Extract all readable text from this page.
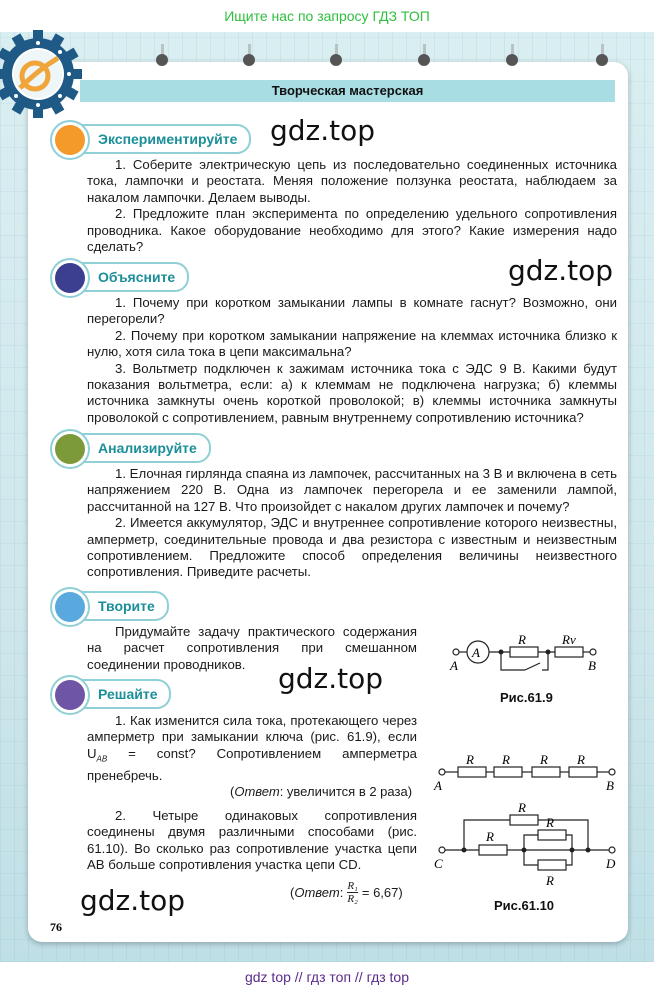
Ищите нас по запросу ГДЗ ТОП
Творческая мастерская
Экспериментируйте	gdz.top

1. Соберите электрическую цепь из последовательно соединенных источника тока, лампочки и реостата. Меняя положение ползунка реостата, наблюдаем за накалом лампочки. Делаем выводы.

2. Предложите план эксперимента по определению удельного сопротивления проводника. Какое оборудование необходимо для этого? Какие измерения надо сделать?

Объясните	gdz.top

1. Почему при коротком замыкании лампы в комнате гаснут? Возможно, они перегорели?

2. Почему при коротком замыкании напряжение на клеммах источника близко к нулю, хотя сила тока в цепи максимальна?

3. Вольтметр подключен к зажимам источника тока с ЭДС 9 В. Какими будут показания вольтметра, если: а) к клеммам не подключена нагрузка; б) клеммы источника замкнуты очень короткой проволокой; в) клеммы источника замкнуты проволокой с сопротивлением, равным внутреннему сопротивлению источника?

Анализируйте

1. Елочная гирлянда спаяна из лампочек, рассчитанных на 3 В и включена в сеть напряжением 220 В. Одна из лампочек перегорела и ее заменили лампой, рассчитанной на 127 В. Что произойдет с накалом других лампочек и почему?

2. Имеется аккумулятор, ЭДС и внутреннее сопротивление которого неизвестны, амперметр, соединительные провода и два резистора с известным и неизвестным сопротивлением. Предложите способ определения величины неизвестного сопротивления. Приведите расчеты.

Творите

Придумайте задачу практического содержания на расчет сопротивления при смешанном соединении проводников.

Решайте	gdz.top

1. Как изменится сила тока, протекающего через амперметр при замыкании ключа (рис. 61.9), если $U_{AB}$ = const? Сопротивлением амперметра пренебречь.

(Ответ: увеличится в 2 раза)

2. Четыре одинаковых сопротивления соединены двумя различными способами (рис. 61.10). Во сколько раз сопротивление участка цепи AB больше сопротивления участка цепи CD.

(Ответ: $\frac{\text{R₁}}{\text{R₂}} = 6,67$)
gdz.top
A
R	Rv
A	B
Рис.61.9
R R R R
A	B
R
R
R
R
C	D
Рис.61.10
76
gdz top // гдз топ // гдз top
